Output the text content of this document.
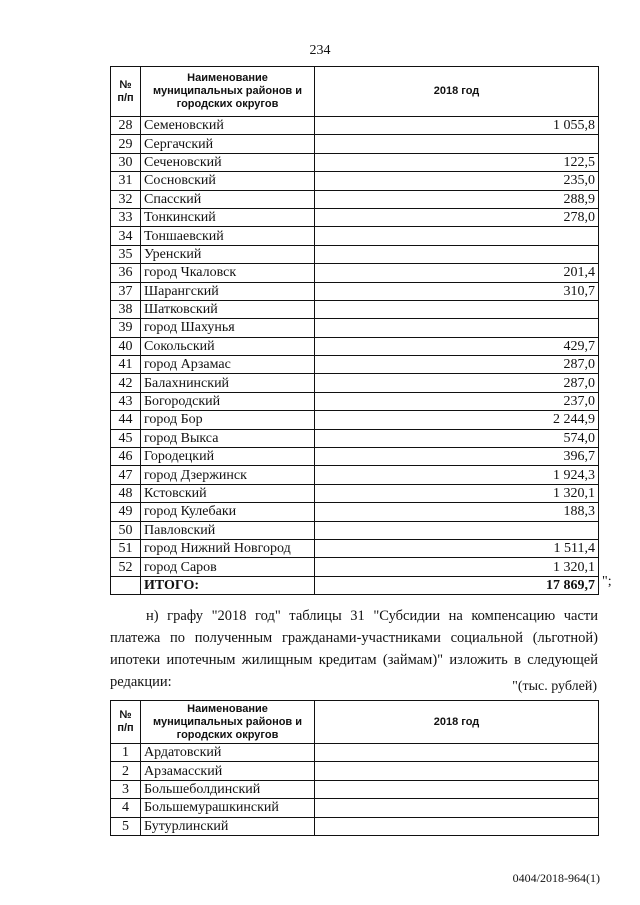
234
№ п/п	Наименование муниципальных районов и городских округов	2018 год
28	Семеновский	1 055,8
29	Сергачский	
30	Сеченовский	122,5
31	Сосновский	235,0
32	Спасский	288,9
33	Тонкинский	278,0
34	Тоншаевский	
35	Уренский	
36	город Чкаловск	201,4
37	Шарангский	310,7
38	Шатковский	
39	город Шахунья	
40	Сокольский	429,7
41	город Арзамас	287,0
42	Балахнинский	287,0
43	Богородский	237,0
44	город Бор	2 244,9
45	город Выкса	574,0
46	Городецкий	396,7
47	город Дзержинск	1 924,3
48	Кстовский	1 320,1
49	город Кулебаки	188,3
50	Павловский	
51	город Нижний Новгород	1 511,4
52	город Саров	1 320,1
	ИТОГО:	17 869,7 ";
н) графу "2018 год" таблицы 31 "Субсидии на компенсацию части платежа по полученным гражданами-участниками социальной (льготной) ипотеки ипотечным жилищным кредитам (займам)" изложить в следующей редакции:	"(тыс. рублей)
№ п/п	Наименование муниципальных районов и городских округов	2018 год
1	Ардатовский	
2	Арзамасский	
3	Большеболдинский	
4	Большемурашкинский	
5	Бутурлинский	
0404/2018-964(1)
